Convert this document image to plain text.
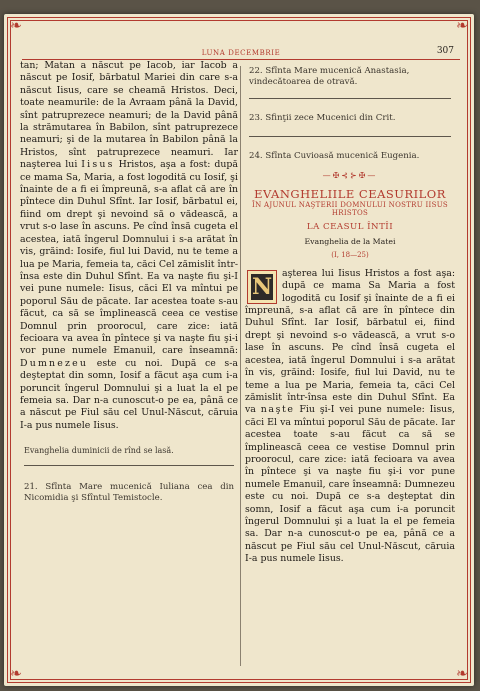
❧	❧
❧	❧
LUNA DECEMBRIE	307

tan; Matan a născut pe Iacob, iar Iacob a născut pe Iosif, bărbatul Mariei din care s-a născut Iisus, care se cheamă Hristos. Deci, toate neamurile: de la Avraam până la David, sînt patruprezece neamuri; de la David până la strămutarea în Babilon, sînt patruprezece neamuri; şi de la mutarea în Babilon până la Hristos, sînt patruprezece neamuri. Iar naşterea lui Iisus Hristos, aşa a fost: după ce mama Sa, Maria, a fost logodită cu Iosif, şi înainte de a fi ei împreună, s-a aflat că are în pîntece din Duhul Sfînt. Iar Iosif, bărbatul ei, fiind om drept şi nevoind să o vădească, a vrut s-o lase în ascuns. Pe cînd însă cugeta el acestea, iată îngerul Domnului i s-a arătat în vis, grăind: Iosife, fiul lui David, nu te teme a lua pe Maria, femeia ta, căci Cel zămislit într-însa este din Duhul Sfînt. Ea va naşte fiu şi-I vei pune numele: Iisus, căci El va mîntui pe poporul Său de păcate. Iar acestea toate s-au făcut, ca să se împlinească ceea ce vestise Domnul prin proorocul, care zice: iată fecioara va avea în pîntece şi va naşte fiu şi-i vor pune numele Emanuil, care înseamnă: Dumnezeu este cu noi. După ce s-a deşteptat din somn, Iosif a făcut aşa cum i-a poruncit îngerul Domnului şi a luat la el pe femeia sa. Dar n-a cunoscut-o pe ea, până ce a născut pe Fiul său cel Unul-Născut, căruia I-a pus numele Iisus.

Evanghelia duminicii de rînd se lasă.
21. Sfînta Mare mucenică Iuliana cea din Nicomidia şi Sfîntul Temistocle.
22. Sfînta Mare mucenică Anastasia, vindecătoarea de otravă.
23. Sfinţii zece Mucenici din Crit.
24. Sfînta Cuvioasă mucenică Eugenia.
—✠⊰⊱✠—
EVANGHELIILE CEASURILOR
ÎN AJUNUL NAŞTERII DOMNULUI NOSTRU IISUS HRISTOS
LA CEASUL ÎNTÎI
Evanghelia de la Matei
(I, 18—25)
N
aşterea lui Iisus Hristos a fost aşa: după ce mama Sa Maria a fost logodită cu Iosif şi înainte de a fi ei împreună, s-a aflat că are în pîntece din Duhul Sfînt. Iar Iosif, bărbatul ei, fiind drept şi nevoind s-o vădească, a vrut s-o lase în ascuns. Pe cînd însă cugeta el acestea, iată îngerul Domnului i s-a arătat în vis, grăind: Iosife, fiul lui David, nu te teme a lua pe Maria, femeia ta, căci Cel zămislit într-însa este din Duhul Sfînt. Ea va naşte Fiu şi-I vei pune numele: Iisus, căci El va mîntui poporul Său de păcate. Iar acestea toate s-au făcut ca să se împlinească ceea ce vestise Domnul prin proorocul, care zice: iată fecioara va avea în pîntece şi va naşte fiu şi-i vor pune numele Emanuil, care înseamnă: Dumnezeu este cu noi. După ce s-a deşteptat din somn, Iosif a făcut aşa cum i-a poruncit îngerul Domnului şi a luat la el pe femeia sa. Dar n-a cunoscut-o pe ea, până ce a născut pe Fiul său cel Unul-Născut, căruia I-a pus numele Iisus.
